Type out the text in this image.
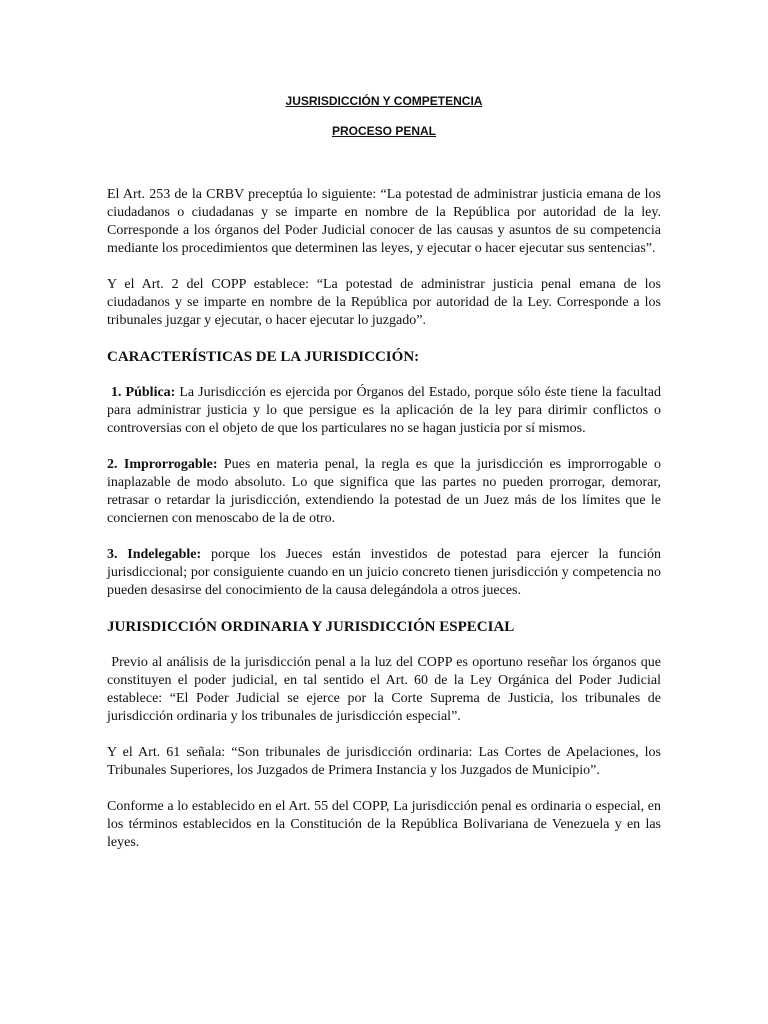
JUSRISDICCIÓN Y COMPETENCIA

PROCESO PENAL

El Art. 253 de la CRBV preceptúa lo siguiente: “La potestad de administrar justicia emana de los ciudadanos o ciudadanas y se imparte en nombre de la República por autoridad de la ley. Corresponde a los órganos del Poder Judicial conocer de las causas y asuntos de su competencia mediante los procedimientos que determinen las leyes, y ejecutar o hacer ejecutar sus sentencias”.

Y el Art. 2 del COPP establece: “La potestad de administrar justicia penal emana de los ciudadanos y se imparte en nombre de la República por autoridad de la Ley. Corresponde a los tribunales juzgar y ejecutar, o hacer ejecutar lo juzgado”.

CARACTERÍSTICAS DE LA JURISDICCIÓN:

1. Pública: La Jurisdicción es ejercida por Órganos del Estado, porque sólo éste tiene la facultad para administrar justicia y lo que persigue es la aplicación de la ley para dirimir conflictos o controversias con el objeto de que los particulares no se hagan justicia por sí mismos.

2. Improrrogable: Pues en materia penal, la regla es que la jurisdicción es improrrogable o inaplazable de modo absoluto. Lo que significa que las partes no pueden prorrogar, demorar, retrasar o retardar la jurisdicción, extendiendo la potestad de un Juez más de los límites que le conciernen con menoscabo de la de otro.

3. Indelegable: porque los Jueces están investidos de potestad para ejercer la función jurisdiccional; por consiguiente cuando en un juicio concreto tienen jurisdicción y competencia no pueden desasirse del conocimiento de la causa delegándola a otros jueces.

JURISDICCIÓN ORDINARIA Y JURISDICCIÓN ESPECIAL

Previo al análisis de la jurisdicción penal a la luz del COPP es oportuno reseñar los órganos que constituyen el poder judicial, en tal sentido el Art. 60 de la Ley Orgánica del Poder Judicial establece: “El Poder Judicial se ejerce por la Corte Suprema de Justicia, los tribunales de jurisdicción ordinaria y los tribunales de jurisdicción especial”.

Y el Art. 61 señala: “Son tribunales de jurisdicción ordinaria: Las Cortes de Apelaciones, los Tribunales Superiores, los Juzgados de Primera Instancia y los Juzgados de Municipio”.

Conforme a lo establecido en el Art. 55 del COPP, La jurisdicción penal es ordinaria o especial, en los términos establecidos en la Constitución de la República Bolivariana de Venezuela y en las leyes.
